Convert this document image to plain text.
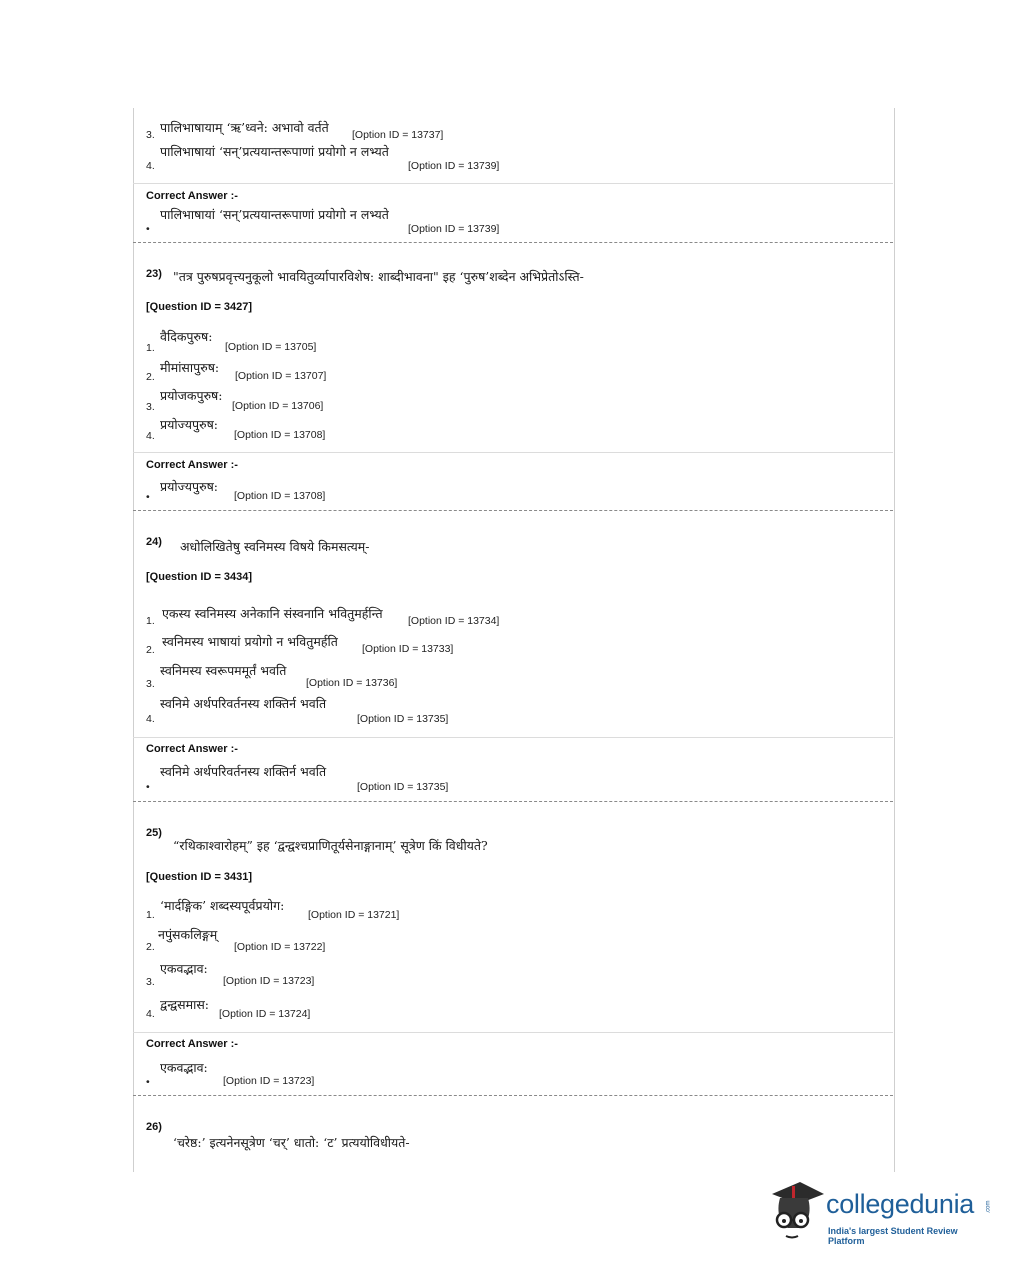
पालिभाषायाम् ‘ऋ’ध्वने: अभावो वर्तते
3.	[Option ID = 13737]
पालिभाषायां ‘सन्’प्रत्ययान्तरूपाणां प्रयोगो न लभ्यते
4.	[Option ID = 13739]
Correct Answer :-
पालिभाषायां ‘सन्’प्रत्ययान्तरूपाणां प्रयोगो न लभ्यते
•	[Option ID = 13739]
23) "तत्र पुरुषप्रवृत्त्यनुकूलो भावयितुर्व्यापारविशेष: शाब्दीभावना" इह ‘पुरुष’शब्देन अभिप्रेतोऽस्ति-
[Question ID = 3427]
वैदिकपुरुष:
1.	[Option ID = 13705]
मीमांसापुरुष:
2.	[Option ID = 13707]
प्रयोजकपुरुष:
3.	[Option ID = 13706]
प्रयोज्यपुरुष:
4.	[Option ID = 13708]
Correct Answer :-
प्रयोज्यपुरुष:
•	[Option ID = 13708]
24) अधोलिखितेषु स्वनिमस्य विषये किमसत्यम्-
[Question ID = 3434]
एकस्य स्वनिमस्य अनेकानि संस्वनानि भवितुमर्हन्ति
1.	[Option ID = 13734]
स्वनिमस्य भाषायां प्रयोगो न भवितुमर्हति
2.	[Option ID = 13733]
स्वनिमस्य स्वरूपममूर्तं भवति
3.	[Option ID = 13736]
स्वनिमे अर्थपरिवर्तनस्य शक्तिर्न भवति
4.	[Option ID = 13735]
Correct Answer :-
स्वनिमे अर्थपरिवर्तनस्य शक्तिर्न भवति
•	[Option ID = 13735]
25)
“रथिकाश्वारोहम्” इह ‘द्वन्द्वश्चप्राणितूर्यसेनाङ्गानाम्’ सूत्रेण किं विधीयते?
[Question ID = 3431]
‘मार्दङ्गिक’ शब्दस्यपूर्वप्रयोग:
1.	[Option ID = 13721]
नपुंसकलिङ्गम्
2.	[Option ID = 13722]
एकवद्भाव:
3.	[Option ID = 13723]
द्वन्द्वसमास:
4.	[Option ID = 13724]
Correct Answer :-
एकवद्भाव:
•	[Option ID = 13723]
26)
‘चरेष्ठ:’ इत्यनेनसूत्रेण ‘चर्’ धातो: ‘ट’ प्रत्ययोविधीयते-
collegedunia .com
India's largest Student Review Platform
